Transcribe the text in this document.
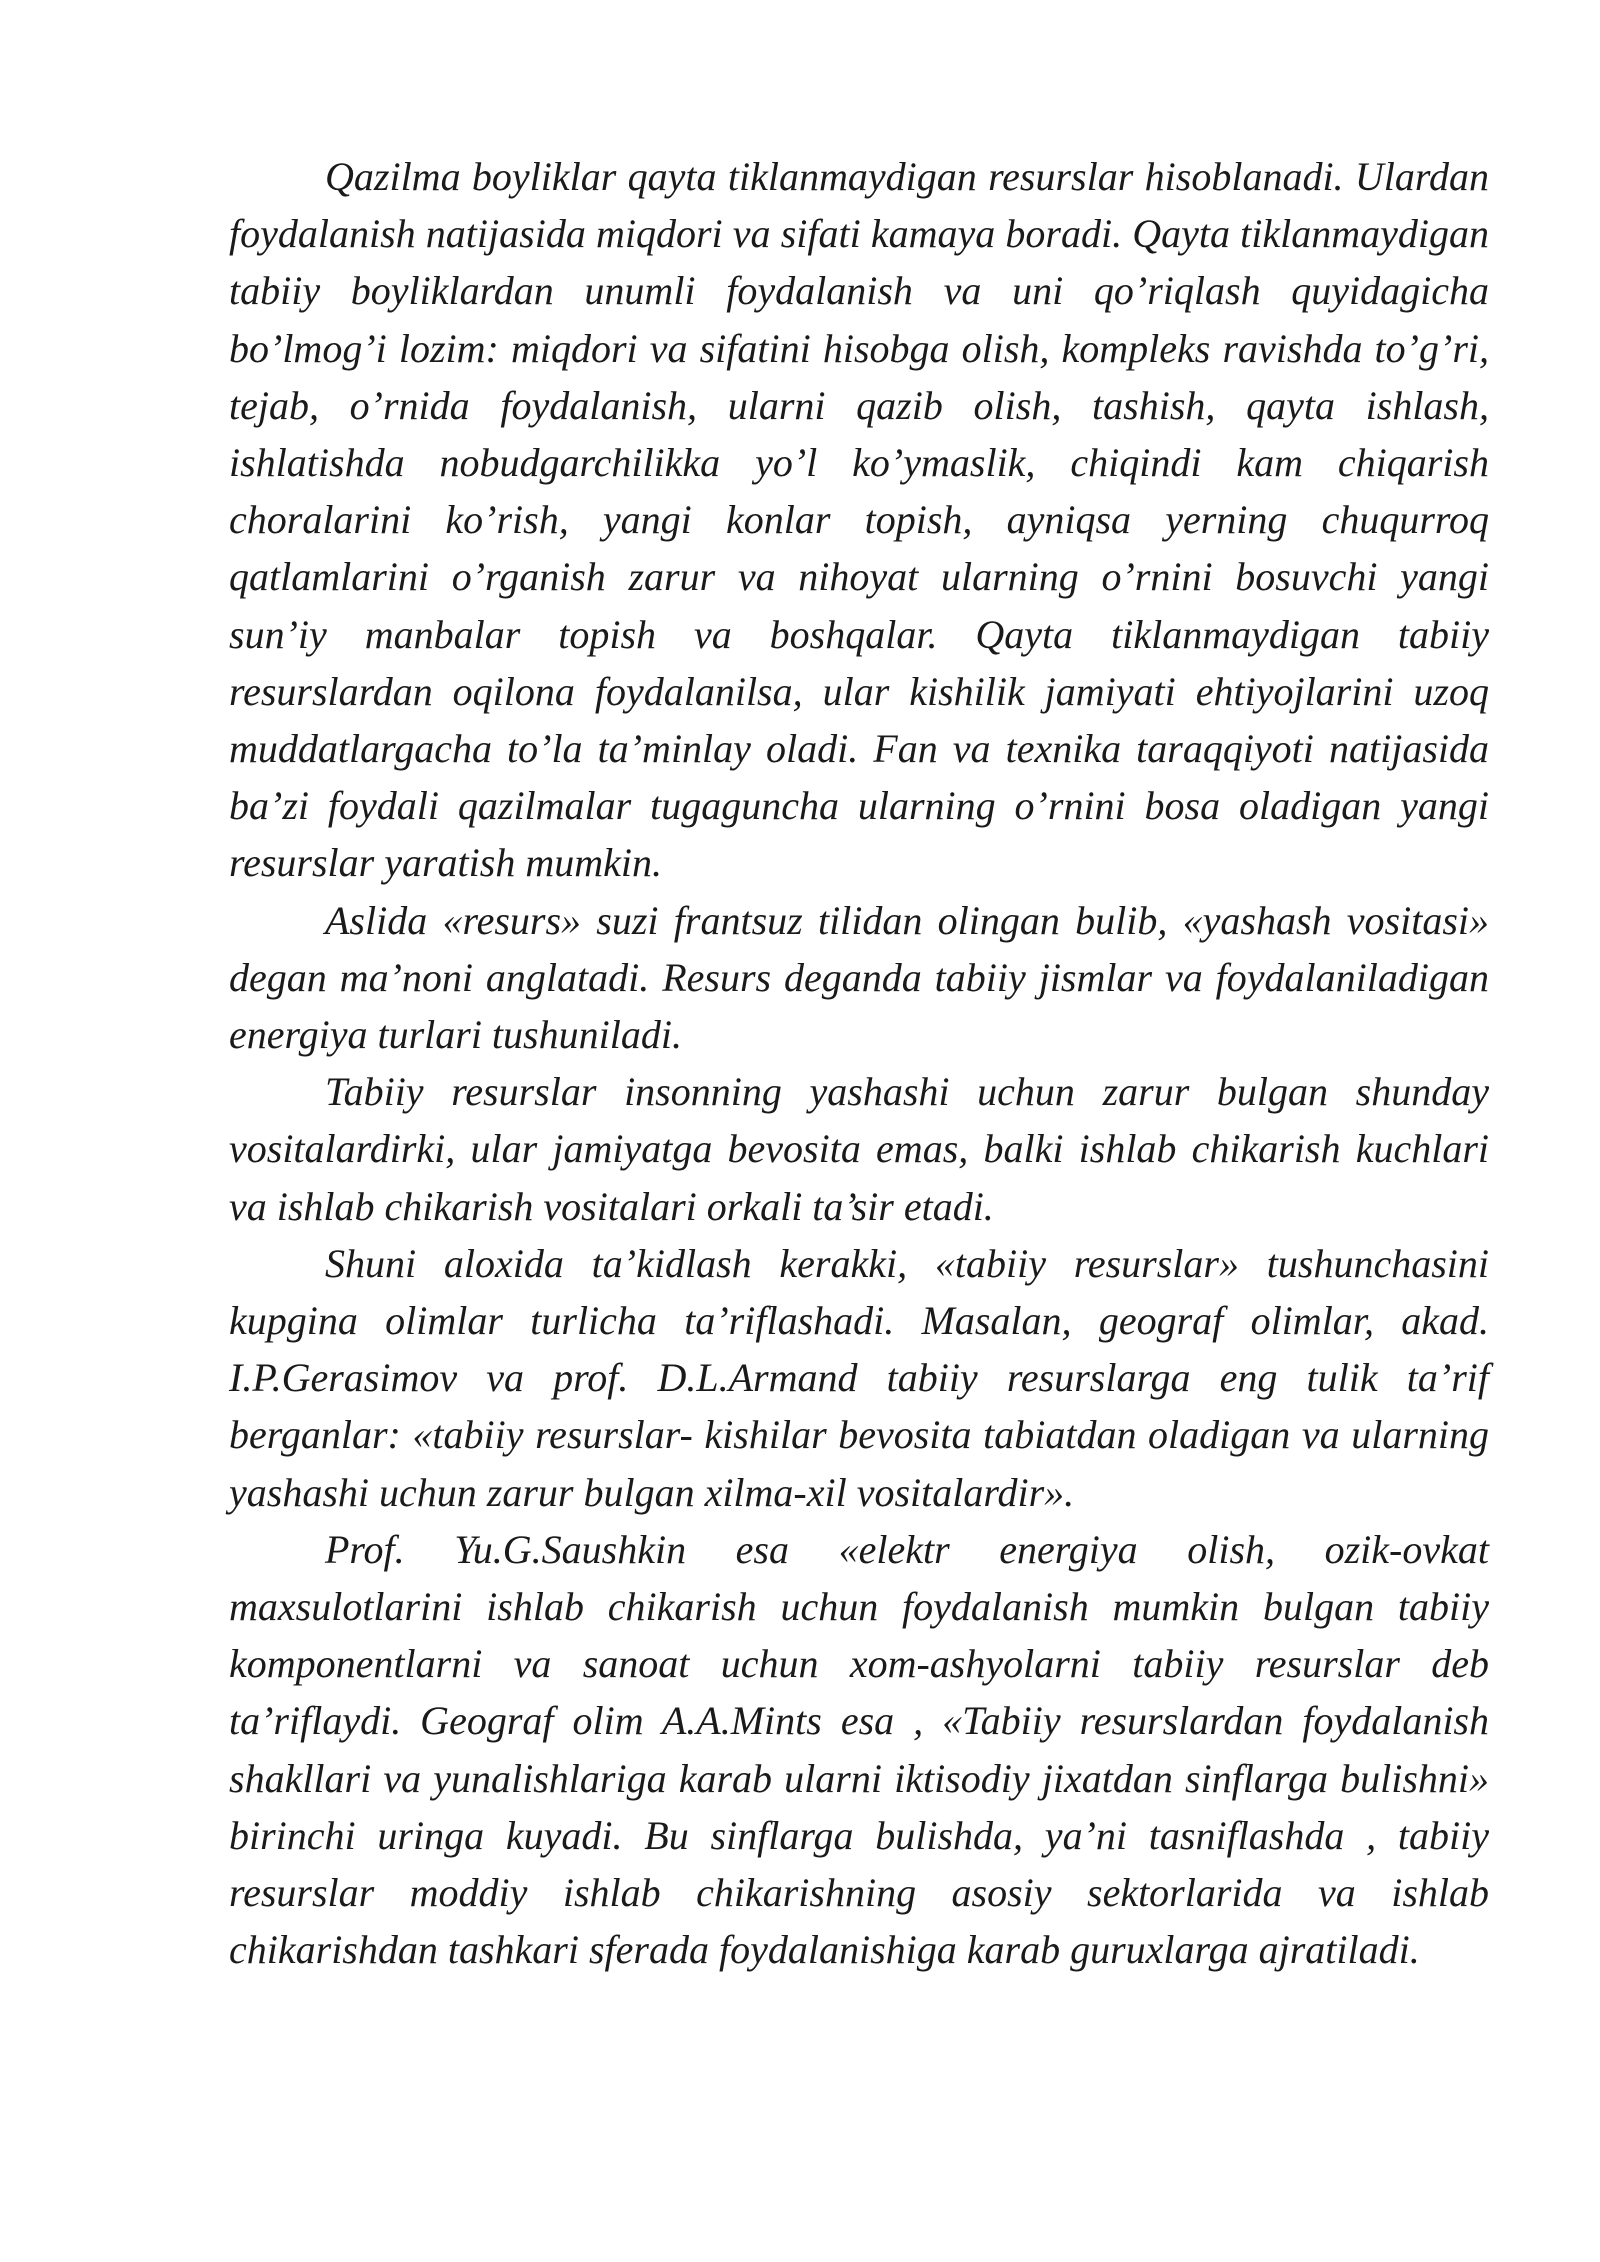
Qazilma boyliklar qayta tiklanmaydigan resurslar hisoblanadi. Ulardan foydalanish natijasida miqdori va sifati kamaya boradi. Qayta tiklanmaydigan tabiiy boyliklardan unumli foydalanish va uni qo’riqlash quyidagicha bo’lmog’i lozim: miqdori va sifatini hisobga olish, kompleks ravishda to’g’ri, tejab, o’rnida foydalanish, ularni qazib olish, tashish, qayta ishlash, ishlatishda nobudgarchilikka yo’l ko’ymaslik, chiqindi kam chiqarish choralarini ko’rish, yangi konlar topish, ayniqsa yerning chuqurroq qatlamlarini o’rganish zarur va nihoyat ularning o’rnini bosuvchi yangi sun’iy manbalar topish va boshqalar. Qayta tiklanmaydigan tabiiy resurslardan oqilona foydalanilsa, ular kishilik jamiyati ehtiyojlarini uzoq muddatlargacha to’la ta’minlay oladi. Fan va texnika taraqqiyoti natijasida ba’zi foydali qazilmalar tugaguncha ularning o’rnini bosa oladigan yangi resurslar yaratish mumkin.

Aslida «resurs» suzi frantsuz tilidan olingan bulib, «yashash vositasi» degan ma’noni anglatadi. Resurs deganda tabiiy jismlar va foydalaniladigan energiya turlari tushuniladi.

Tabiiy resurslar insonning yashashi uchun zarur bulgan shunday vositalardirki, ular jamiyatga bevosita emas, balki ishlab chikarish kuchlari va ishlab chikarish vositalari orkali ta’sir etadi.

Shuni aloxida ta’kidlash kerakki, «tabiiy resurslar» tushunchasini kupgina olimlar turlicha ta’riflashadi. Masalan, geograf olimlar, akad. I.P.Gerasimov va prof. D.L.Armand tabiiy resurslarga eng tulik ta’rif berganlar: «tabiiy resurslar- kishilar bevosita tabiatdan oladigan va ularning yashashi uchun zarur bulgan xilma-xil vositalardir».

Prof. Yu.G.Saushkin esa «elektr energiya olish, ozik-ovkat maxsulotlarini ishlab chikarish uchun foydalanish mumkin bulgan tabiiy komponentlarni va sanoat uchun xom-ashyolarni tabiiy resurslar deb ta’riflaydi. Geograf olim A.A.Mints esa , «Tabiiy resurslardan foydalanish shakllari va yunalishlariga karab ularni iktisodiy jixatdan sinflarga bulishni» birinchi uringa kuyadi. Bu sinflarga bulishda, ya’ni tasniflashda , tabiiy resurslar moddiy ishlab chikarishning asosiy sektorlarida va ishlab chikarishdan tashkari sferada foydalanishiga karab guruxlarga ajratiladi.
